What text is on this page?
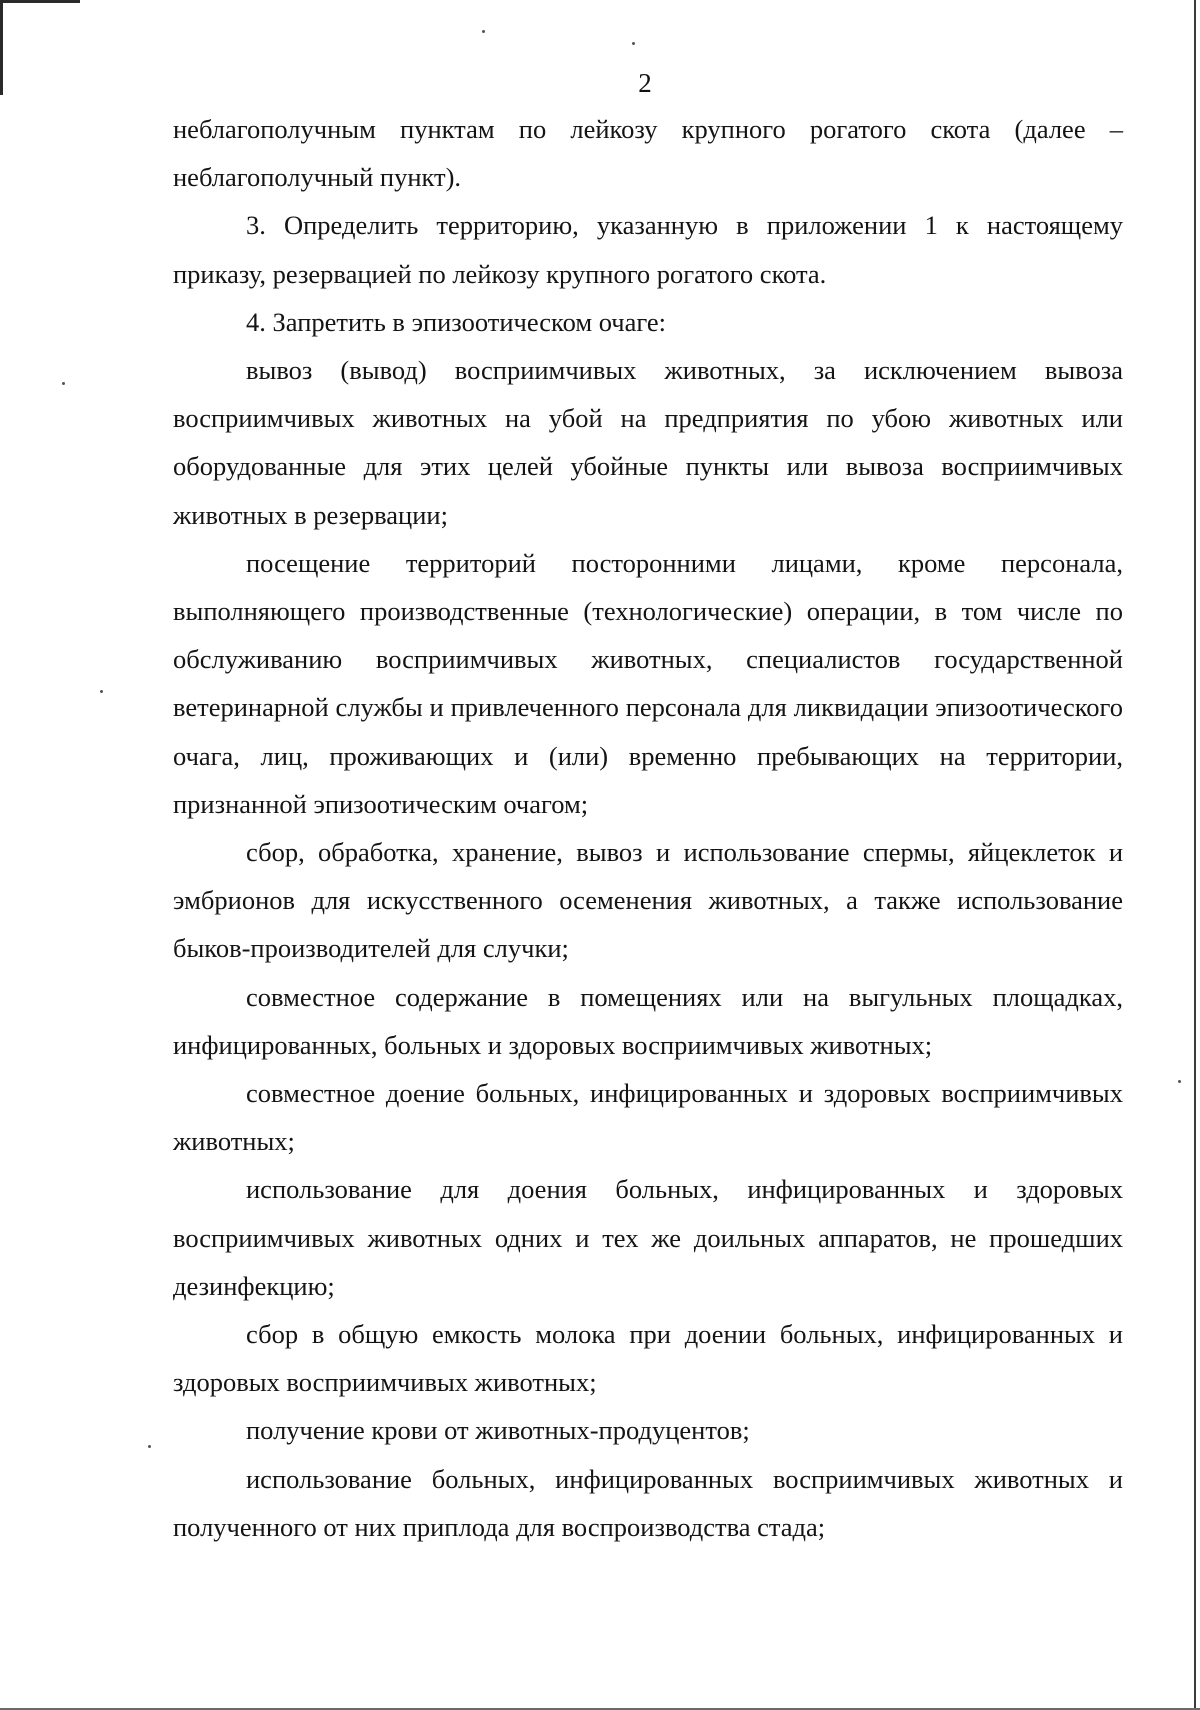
2

неблагополучным пунктам по лейкозу крупного рогатого скота (далее – неблагополучный пункт).

3. Определить территорию, указанную в приложении 1 к настоящему приказу, резервацией по лейкозу крупного рогатого скота.

4. Запретить в эпизоотическом очаге:

вывоз (вывод) восприимчивых животных, за исключением вывоза восприимчивых животных на убой на предприятия по убою животных или оборудованные для этих целей убойные пункты или вывоза восприимчивых животных в резервации;

посещение территорий посторонними лицами, кроме персонала, выполняющего производственные (технологические) операции, в том числе по обслуживанию восприимчивых животных, специалистов государственной ветеринарной службы и привлеченного персонала для ликвидации эпизоотического очага, лиц, проживающих и (или) временно пребывающих на территории, признанной эпизоотическим очагом;

сбор, обработка, хранение, вывоз и использование спермы, яйцеклеток и эмбрионов для искусственного осеменения животных, а также использование быков-производителей для случки;

совместное содержание в помещениях или на выгульных площадках, инфицированных, больных и здоровых восприимчивых животных;

совместное доение больных, инфицированных и здоровых восприимчивых животных;

использование для доения больных, инфицированных и здоровых восприимчивых животных одних и тех же доильных аппаратов, не прошедших дезинфекцию;

сбор в общую емкость молока при доении больных, инфицированных и здоровых восприимчивых животных;

получение крови от животных-продуцентов;

использование больных, инфицированных восприимчивых животных и полученного от них приплода для воспроизводства стада;
